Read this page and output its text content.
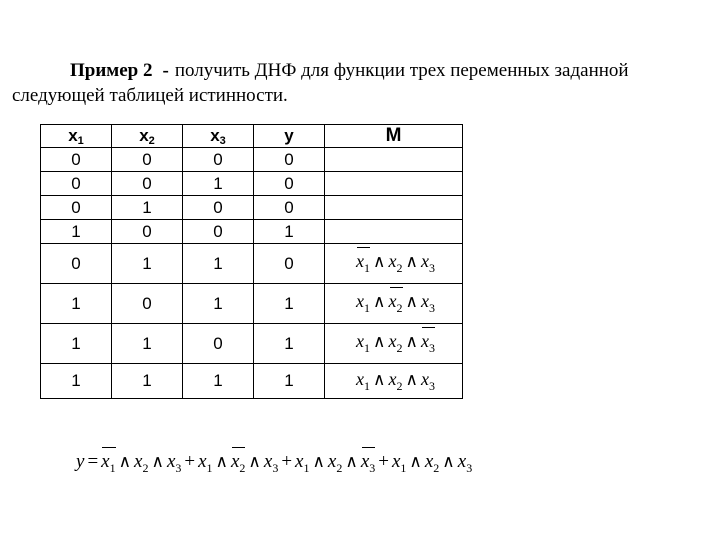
Пример 2 - получить ДНФ для функции трех переменных заданной
следующей таблицей истинности.
x1	x2	x3	y	M
0	0	0	0	
0	0	1	0	
0	1	0	0	
1	0	0	1	
0	1	1	0	$x_1$ ∧ $x_2$ ∧ $x_3$
1	0	1	1	$x_1$ ∧ $x_2$ ∧ $x_3$
1	1	0	1	$x_1$ ∧ $x_2$ ∧ $x_3$
1	1	1	1	$x_1$ ∧ $x_2$ ∧ $x_3$
$y = x_1$ ∧ $x_2$ ∧ $x_3 + x_1$ ∧ $x_2$ ∧ $x_3 + x_1$ ∧ $x_2$ ∧ $x_3 + x_1$ ∧ $x_2$ ∧ $x_3$
